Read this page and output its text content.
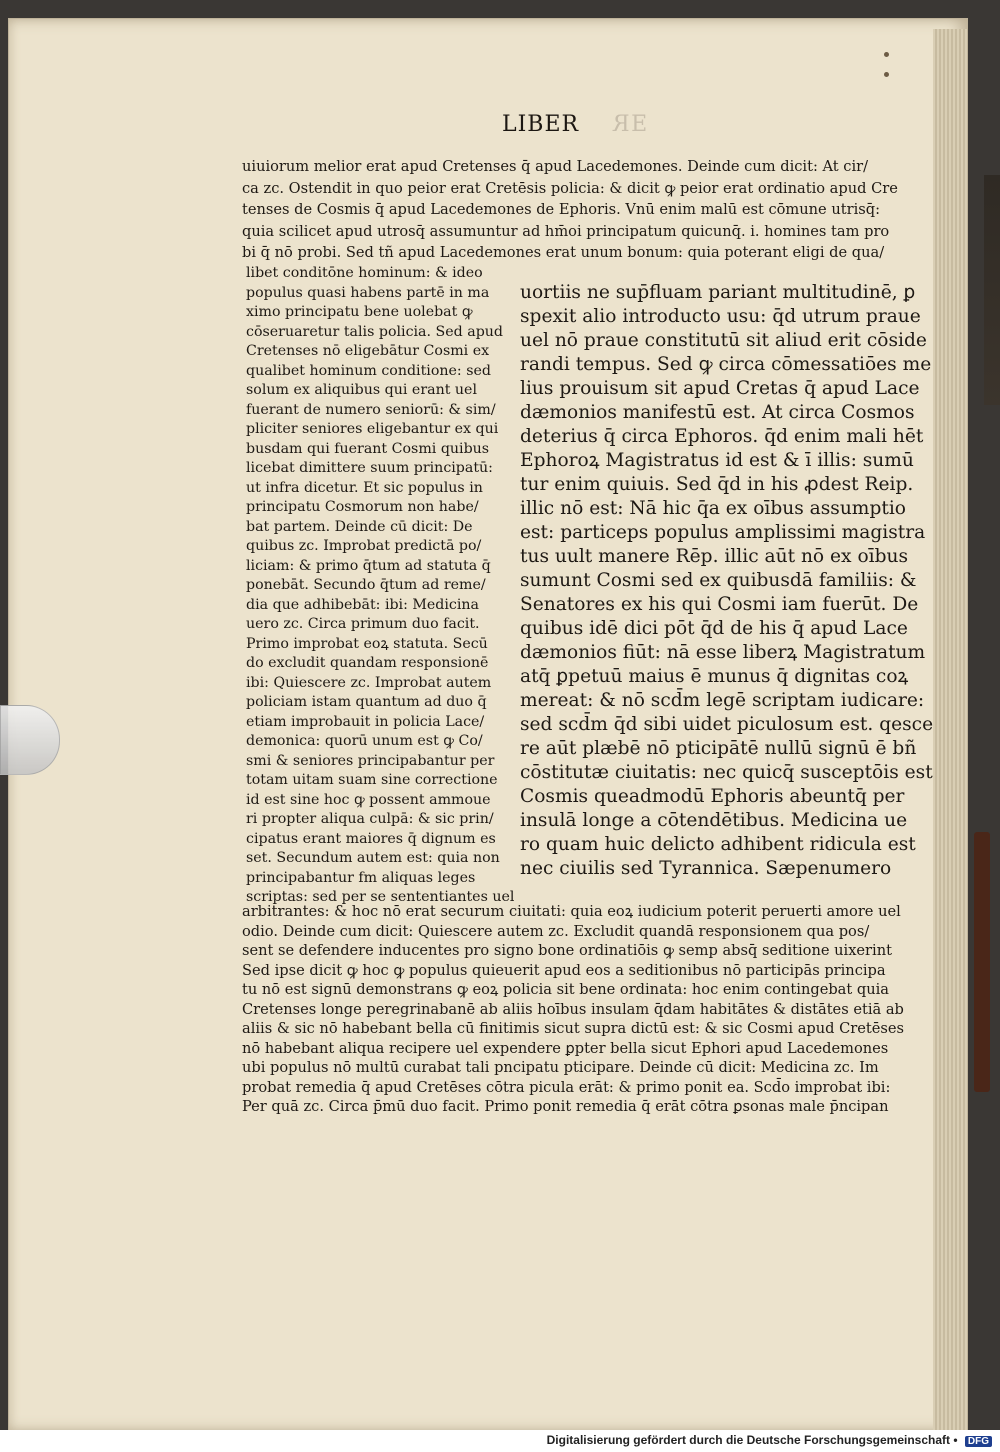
LIBER	ƎR
uiuiorum melior erat apud Cretenses q̄ apud Lacedemones. Deinde cum dicit: At cir/
ca zc. Ostendit in quo peior erat Cretēsis policia: & dicit ꝙ peior erat ordinatio apud Cre
tenses de Cosmis q̄ apud Lacedemones de Ephoris. Vnū enim malū est cōmune utrisq̄:
quia scilicet apud utrosq̄ assumuntur ad hm̄oi principatum quicunq̄. i. homines tam pro
bi q̄ nō probi. Sed tñ apud Lacedemones erat unum bonum: quia poterant eligi de qua/
libet conditōne hominum: & ideo
populus quasi habens partē in ma
ximo principatu bene uolebat ꝙ
cōseruaretur talis policia. Sed apud
Cretenses nō eligebātur Cosmi ex
qualibet hominum conditione: sed
solum ex aliquibus qui erant uel
fuerant de numero seniorū: & sim/
pliciter seniores eligebantur ex qui
busdam qui fuerant Cosmi quibus
licebat dimittere suum principatū:
ut infra dicetur. Et sic populus in
principatu Cosmorum non habe/
bat partem. Deinde cū dicit: De
quibus zc. Improbat predictā po/
liciam: & primo q̄tum ad statuta q̄
ponebāt. Secundo q̄tum ad reme/
dia que adhibebāt: ibi: Medicina
uero zc. Circa primum duo facit.
Primo improbat eoꝝ statuta. Secū
do excludit quandam responsionē
ibi: Quiescere zc. Improbat autem
policiam istam quantum ad duo q̄
etiam improbauit in policia Lace/
demonica: quorū unum est ꝙ Co/
smi & seniores principabantur per
totam uitam suam sine correctione
id est sine hoc ꝙ possent ammoue
ri propter aliqua culpā: & sic prin/
cipatus erant maiores q̄ dignum es
set. Secundum autem est: quia non
principabantur fm aliquas leges
scriptas: sed per se sententiantes uel
uortiis ne sup̄fluam pariant multitudinē, ꝑ
spexit alio introducto usu: q̄d utrum praue
uel nō praue constitutū sit aliud erit cōside
randi tempus. Sed ꝙ circa cōmessatiōes me
lius prouisum sit apud Cretas q̄ apud Lace
dæmonios manifestū est. At circa Cosmos
deterius q̄ circa Ephoros. q̄d enim mali hēt
Ephoroꝝ Magistratus id est & ī illis: sumū
tur enim quiuis. Sed q̄d in his ꝓdest Reip.
illic nō est: Nā hic q̄a ex oībus assumptio
est: particeps populus amplissimi magistra
tus uult manere Rēp. illic aūt nō ex oībus
sumunt Cosmi sed ex quibusdā familiis: &
Senatores ex his qui Cosmi iam fuerūt. De
quibus idē dici pōt q̄d de his q̄ apud Lace
dæmonios fiūt: nā esse liberꝝ Magistratum
atq̄ ꝑpetuū maius ē munus q̄ dignitas coꝝ
mereat: & nō scd̄m legē scriptam iudicare:
sed scd̄m q̄d sibi uidet piculosum est. qesce
re aūt plæbē nō pticipātē nullū signū ē bñ
cōstitutæ ciuitatis: nec quicq̄ susceptōis est
Cosmis queadmodū Ephoris abeuntq̄ per
insulā longe a cōtendētibus. Medicina ue
ro quam huic delicto adhibent ridicula est
nec ciuilis sed Tyrannica. Sæpenumero
arbitrantes: & hoc nō erat securum ciuitati: quia eoꝝ iudicium poterit peruerti amore uel
odio. Deinde cum dicit: Quiescere autem zc. Excludit quandā responsionem qua pos/
sent se defendere inducentes pro signo bone ordinatiōis ꝙ semp absq̄ seditione uixerint
Sed ipse dicit ꝙ hoc ꝙ populus quieuerit apud eos a seditionibus nō participās principa
tu nō est signū demonstrans ꝙ eoꝝ policia sit bene ordinata: hoc enim contingebat quia
Cretenses longe peregrinabanē ab aliis hoībus insulam q̄dam habitātes & distātes etiā ab
aliis & sic nō habebant bella cū finitimis sicut supra dictū est: & sic Cosmi apud Cretēses
nō habebant aliqua recipere uel expendere ꝑpter bella sicut Ephori apud Lacedemones
ubi populus nō multū curabat tali pncipatu pticipare. Deinde cū dicit: Medicina zc. Im
probat remedia q̄ apud Cretēses cōtra picula erāt: & primo ponit ea. Scd̄o improbat ibi:
Per quā zc. Circa p̄mū duo facit. Primo ponit remedia q̄ erāt cōtra ꝑsonas male p̄ncipan
Digitalisierung gefördert durch die Deutsche Forschungsgemeinschaft • DFG
